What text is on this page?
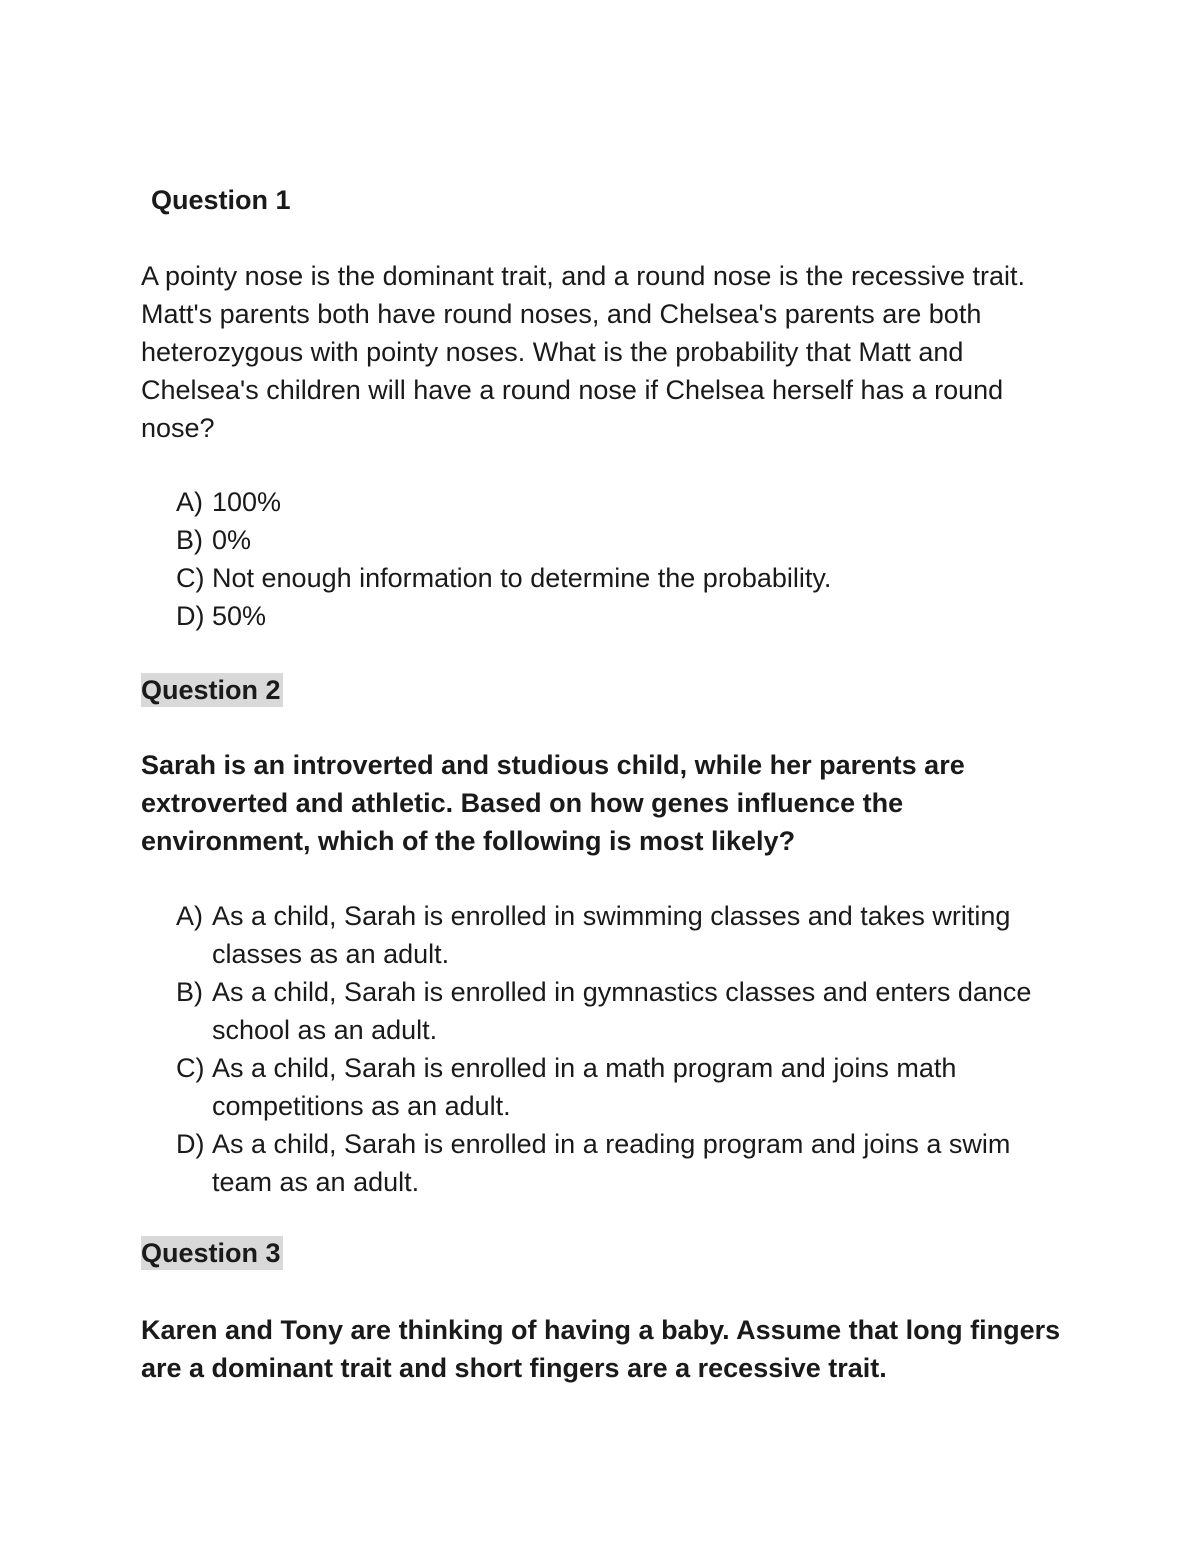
Question 1

A pointy nose is the dominant trait, and a round nose is the recessive trait. Matt's parents both have round noses, and Chelsea's parents are both heterozygous with pointy noses. What is the probability that Matt and Chelsea's children will have a round nose if Chelsea herself has a round nose?

A) 100%
B) 0%
C) Not enough information to determine the probability.
D) 50%
Question 2

Sarah is an introverted and studious child, while her parents are extroverted and athletic. Based on how genes influence the environment, which of the following is most likely?

A) As a child, Sarah is enrolled in swimming classes and takes writing classes as an adult.
B) As a child, Sarah is enrolled in gymnastics classes and enters dance school as an adult.
C) As a child, Sarah is enrolled in a math program and joins math competitions as an adult.
D) As a child, Sarah is enrolled in a reading program and joins a swim team as an adult.
Question 3

Karen and Tony are thinking of having a baby. Assume that long fingers are a dominant trait and short fingers are a recessive trait.
